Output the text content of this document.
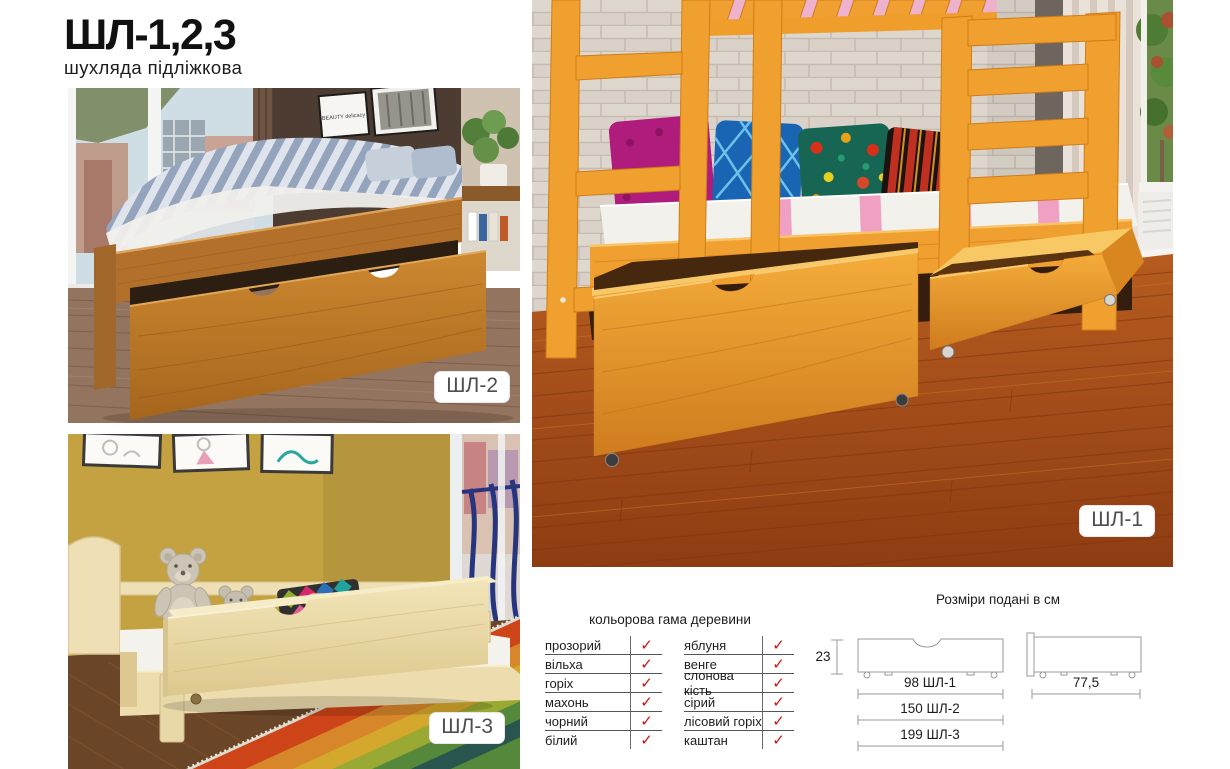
ШЛ-1,2,3
шухляда підліжкова
BEAUTY delicacy
ШЛ-2
ШЛ-3
ШЛ-1
кольорова гама деревини
прозорий	✓
вільха	✓
горіх	✓
махонь	✓
чорний	✓
білий	✓
яблуня	✓
венге	✓
слонова кість	✓
сірий	✓
лісовий горіх ✓
каштан	✓
Розміри подані в см
23
98 ШЛ-1	77,5
150 ШЛ-2
199 ШЛ-3
